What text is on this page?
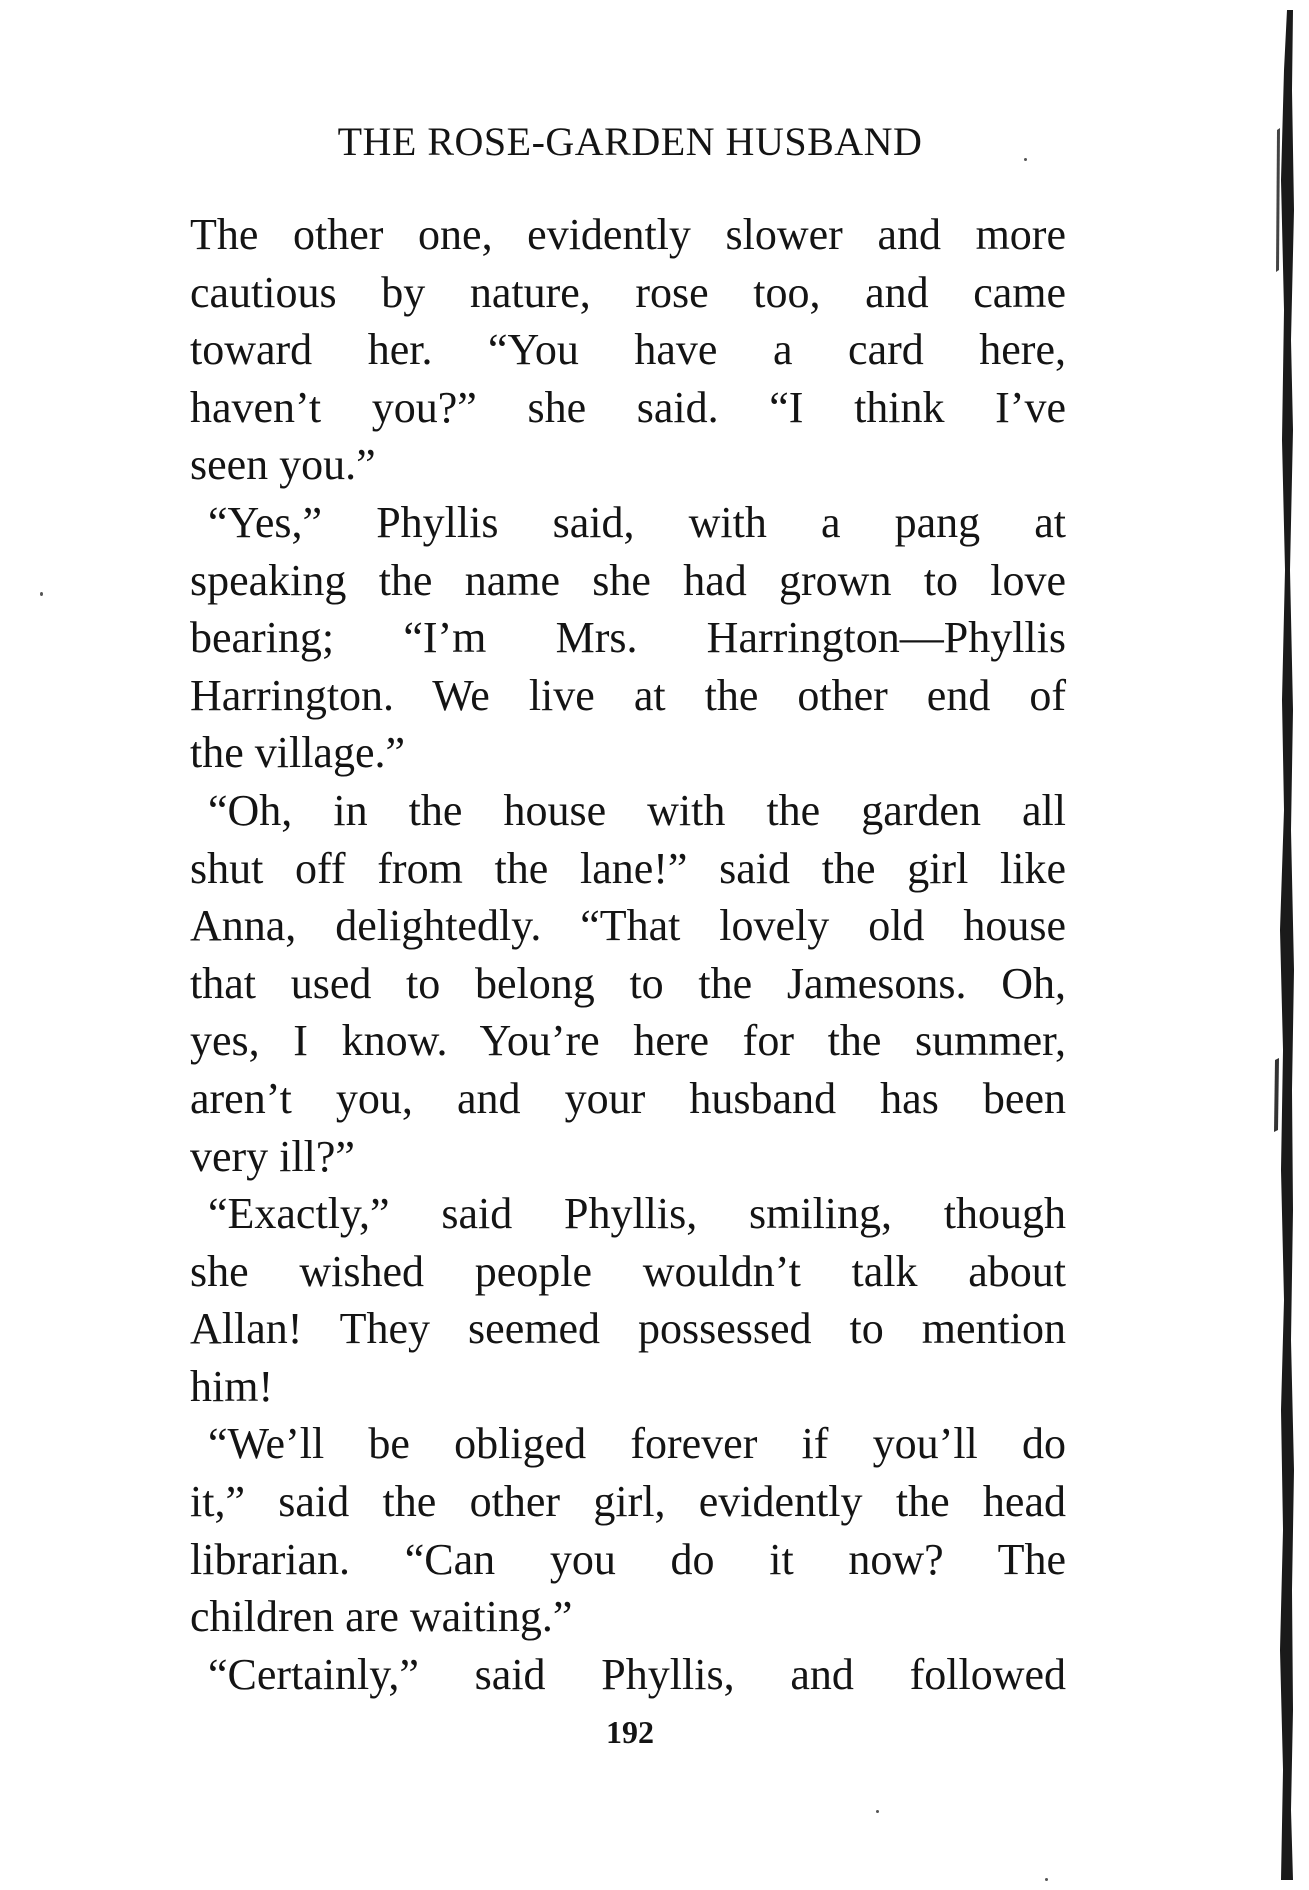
THE ROSE-GARDEN HUSBAND
The other one, evidently slower and more
cautious by nature, rose too, and came
toward her. “You have a card here,
haven’t you?” she said. “I think I’ve
seen you.”
“Yes,” Phyllis said, with a pang at
speaking the name she had grown to love
bearing; “I’m Mrs. Harrington—Phyllis
Harrington. We live at the other end of
the village.”
“Oh, in the house with the garden all
shut off from the lane!” said the girl like
Anna, delightedly. “That lovely old house
that used to belong to the Jamesons. Oh,
yes, I know. You’re here for the summer,
aren’t you, and your husband has been
very ill?”
“Exactly,” said Phyllis, smiling, though
she wished people wouldn’t talk about
Allan! They seemed possessed to mention
him!
“We’ll be obliged forever if you’ll do
it,” said the other girl, evidently the head
librarian. “Can you do it now? The
children are waiting.”
“Certainly,” said Phyllis, and followed
192
